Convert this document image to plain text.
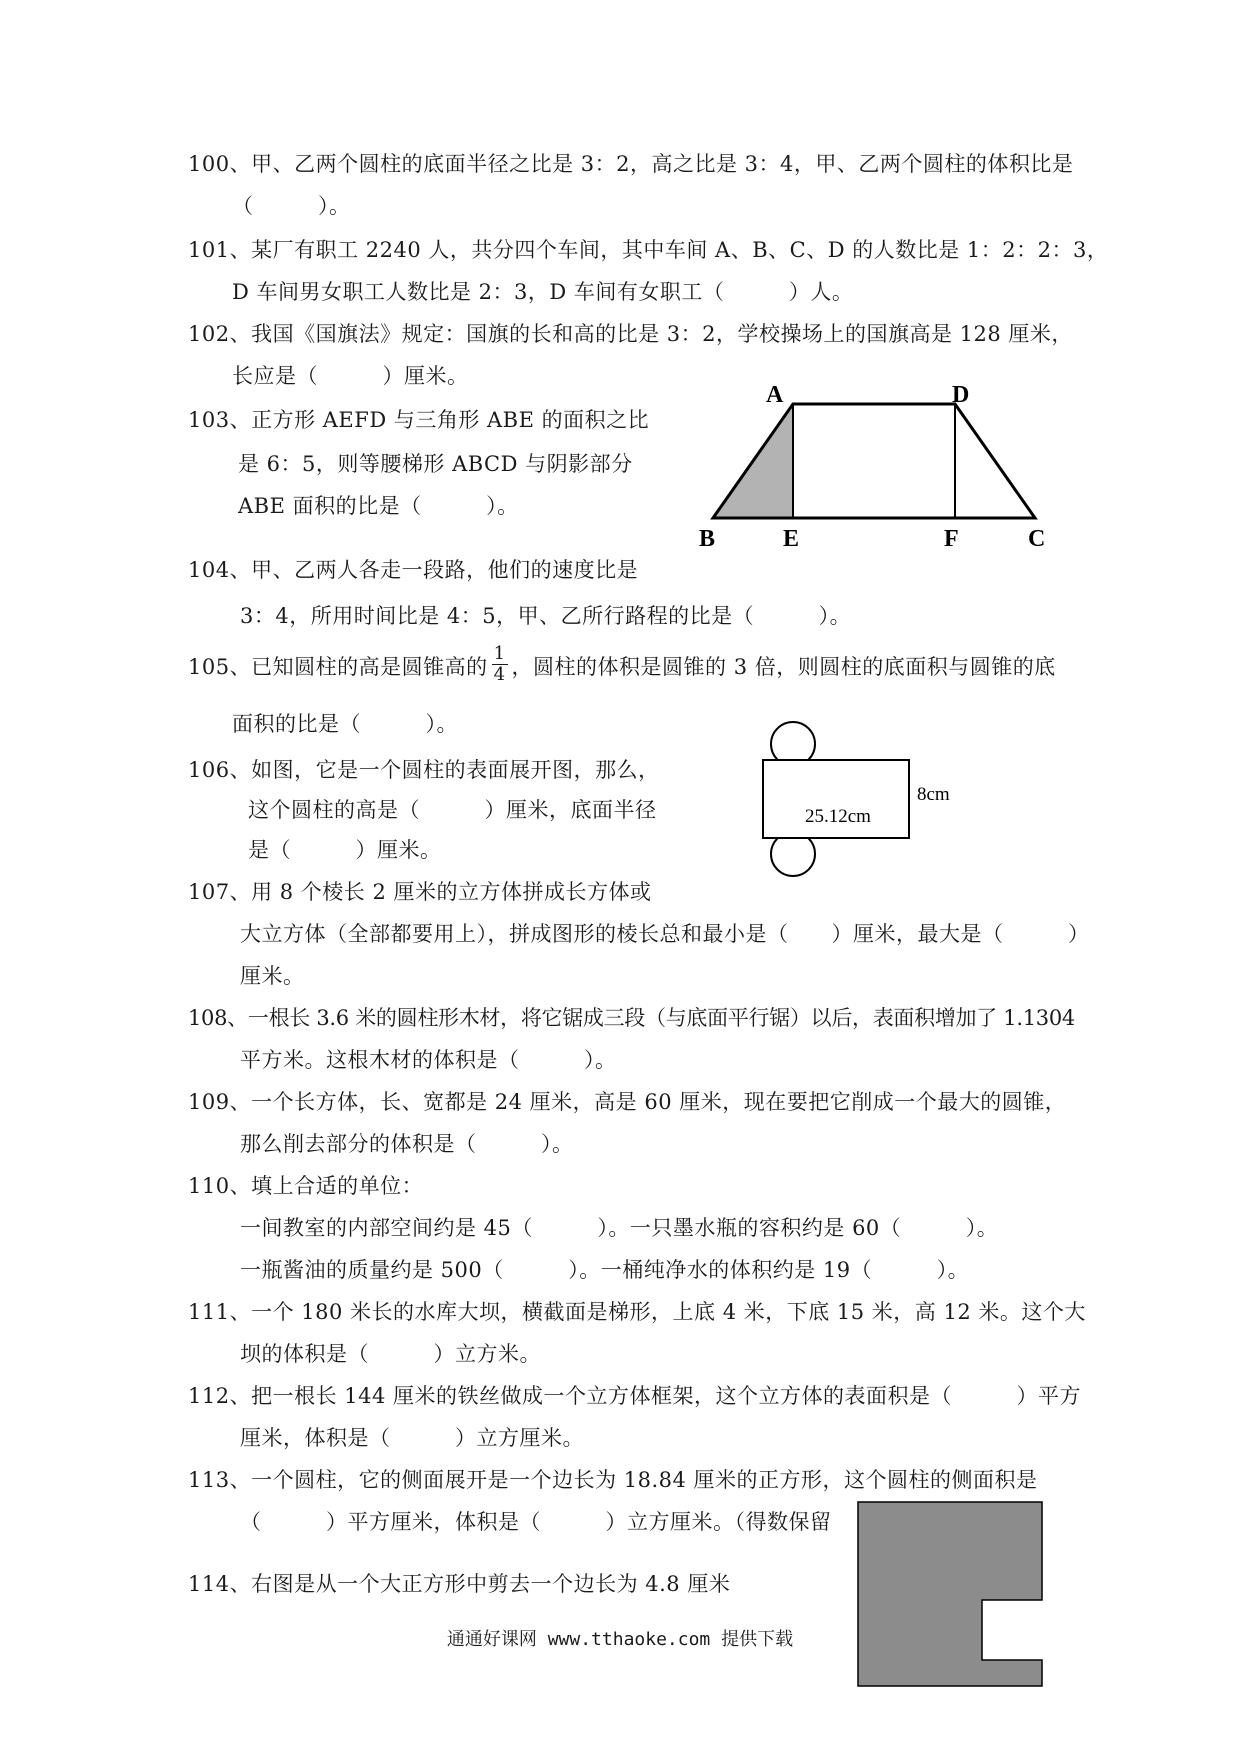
100、甲、乙两个圆柱的底面半径之比是 3：2，高之比是 3：4，甲、乙两个圆柱的体积比是
（　　　）。
101、某厂有职工 2240 人，共分四个车间，其中车间 A、B、C、D 的人数比是 1：2：2：3，
D 车间男女职工人数比是 2：3，D 车间有女职工（　　　）人。
102、我国《国旗法》规定：国旗的长和高的比是 3：2，学校操场上的国旗高是 128 厘米，
长应是（　　　）厘米。
103、正方形 AEFD 与三角形 ABE 的面积之比
是 6：5，则等腰梯形 ABCD 与阴影部分
ABE 面积的比是（　　　）。
A	D
B	E	F	C
104、甲、乙两人各走一段路，他们的速度比是
3：4，所用时间比是 4：5，甲、乙所行路程的比是（　　　）。
105、已知圆柱的高是圆锥高的 $\frac{1}{4}$ ，圆柱的体积是圆锥的 3 倍，则圆柱的底面积与圆锥的底
面积的比是（　　　）。
106、如图，它是一个圆柱的表面展开图，那么，
这个圆柱的高是（　　　）厘米，底面半径
是（　　　）厘米。
25.12cm
8cm
107、用 8 个棱长 2 厘米的立方体拼成长方体或
大立方体（全部都要用上），拼成图形的棱长总和最小是（　　）厘米，最大是（　　　）
厘米。
108、一根长 3.6 米的圆柱形木材，将它锯成三段（与底面平行锯）以后，表面积增加了 1.1304
平方米。这根木材的体积是（　　　）。
109、一个长方体，长、宽都是 24 厘米，高是 60 厘米，现在要把它削成一个最大的圆锥，
那么削去部分的体积是（　　　）。
110、填上合适的单位：
一间教室的内部空间约是 45（　　　）。一只墨水瓶的容积约是 60（　　　）。
一瓶酱油的质量约是 500（　　　）。一桶纯净水的体积约是 19（　　　）。
111、一个 180 米长的水库大坝，横截面是梯形，上底 4 米，下底 15 米，高 12 米。这个大
坝的体积是（　　　）立方米。
112、把一根长 144 厘米的铁丝做成一个立方体框架，这个立方体的表面积是（　　　）平方
厘米，体积是（　　　）立方厘米。
113、一个圆柱，它的侧面展开是一个边长为 18.84 厘米的正方形，这个圆柱的侧面积是
（　　　）平方厘米，体积是（　　　）立方厘米。（得数保留
114、右图是从一个大正方形中剪去一个边长为 4.8 厘米
通通好课网 www.tthaoke.com 提供下载
